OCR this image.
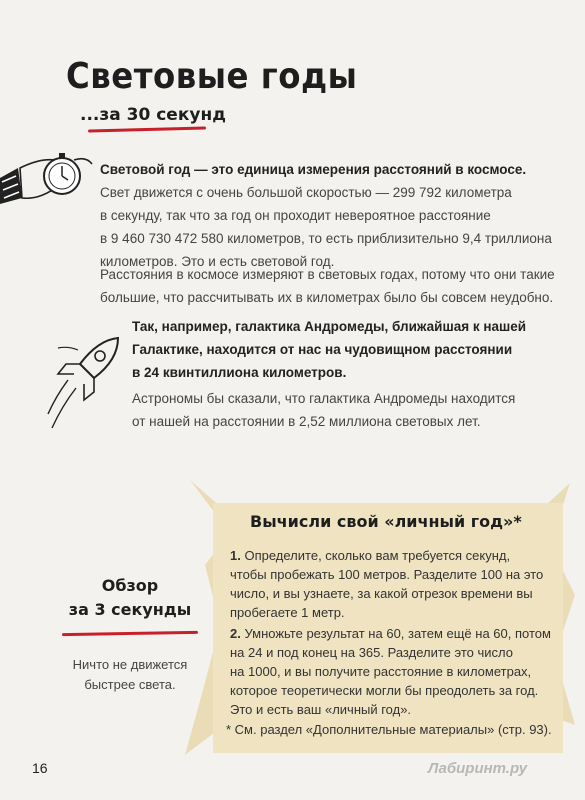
Световые годы
...за 30 секунд
Световой год — это единица измерения расстояний в космосе.
Свет движется с очень большой скоростью — 299 792 километра
в секунду, так что за год он проходит невероятное расстояние
в 9 460 730 472 580 километров, то есть приблизительно 9,4 триллиона
километров. Это и есть световой год.
Расстояния в космосе измеряют в световых годах, потому что они такие
большие, что рассчитывать их в километрах было бы совсем неудобно.
Так, например, галактика Андромеды, ближайшая к нашей
Галактике, находится от нас на чудовищном расстоянии
в 24 квинтиллиона километров.
Астрономы бы сказали, что галактика Андромеды находится
от нашей на расстоянии в 2,52 миллиона световых лет.
Вычисли свой «личный год»*
1. Определите, сколько вам требуется секунд,
чтобы пробежать 100 метров. Разделите 100 на это
число, и вы узнаете, за какой отрезок времени вы
пробегаете 1 метр.
2. Умножьте результат на 60, затем ещё на 60, потом
на 24 и под конец на 365. Разделите это число
на 1000, и вы получите расстояние в километрах,
которое теоретически могли бы преодолеть за год.
Это и есть ваш «личный год».
* См. раздел «Дополнительные материалы» (стр. 93).
Обзор
за 3 секунды
Ничто не движется
быстрее света.
16	Лабиринт.ру
